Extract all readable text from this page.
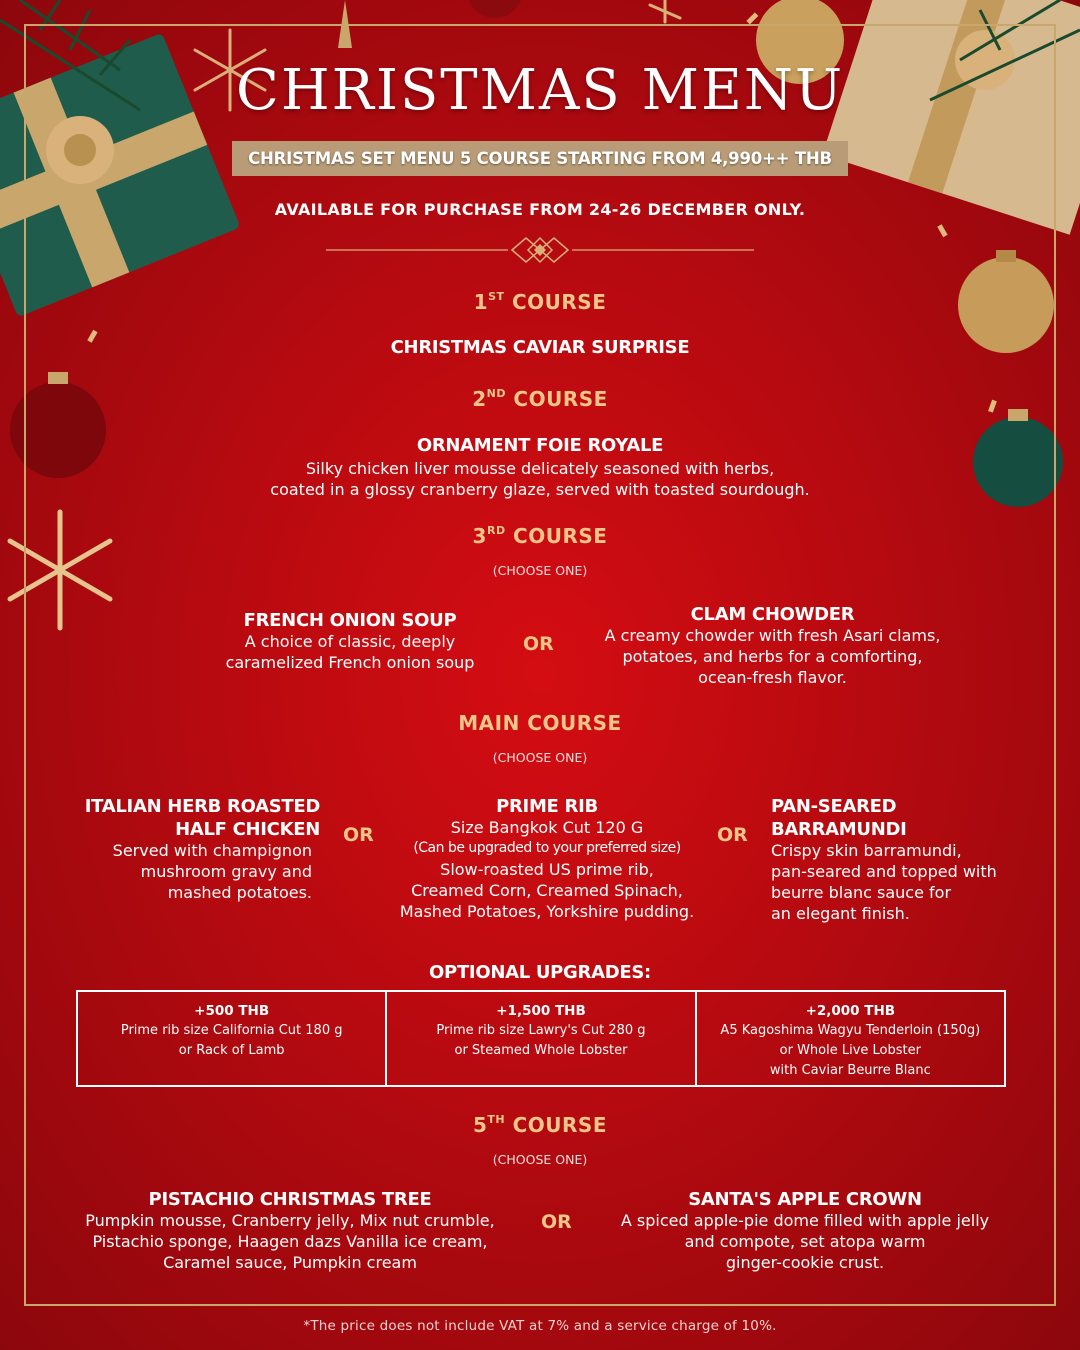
CHRISTMAS MENU
CHRISTMAS SET MENU 5 COURSE STARTING FROM 4,990++ THB
AVAILABLE FOR PURCHASE FROM 24-26 DECEMBER ONLY.
1ST COURSE
CHRISTMAS CAVIAR SURPRISE
2ND COURSE
ORNAMENT FOIE ROYALE
Silky chicken liver mousse delicately seasoned with herbs,
coated in a glossy cranberry glaze, served with toasted sourdough.
3RD COURSE
(CHOOSE ONE)
FRENCH ONION SOUP
A choice of classic, deeply
caramelized French onion soup
OR
CLAM CHOWDER
A creamy chowder with fresh Asari clams,
potatoes, and herbs for a comforting,
ocean-fresh flavor.
MAIN COURSE
(CHOOSE ONE)
ITALIAN HERB ROASTED
HALF CHICKEN
Served with champignon
mushroom gravy and
mashed potatoes.
OR
PRIME RIB
Size Bangkok Cut 120 G
(Can be upgraded to your preferred size)
Slow-roasted US prime rib,
Creamed Corn, Creamed Spinach,
Mashed Potatoes, Yorkshire pudding.
OR
PAN-SEARED
BARRAMUNDI
Crispy skin barramundi,
pan-seared and topped with
beurre blanc sauce for
an elegant finish.
OPTIONAL UPGRADES:
+500 THB
Prime rib size California Cut 180 g
or Rack of Lamb
+1,500 THB
Prime rib size Lawry's Cut 280 g
or Steamed Whole Lobster
+2,000 THB
A5 Kagoshima Wagyu Tenderloin (150g)
or Whole Live Lobster
with Caviar Beurre Blanc
5TH COURSE
(CHOOSE ONE)
PISTACHIO CHRISTMAS TREE
Pumpkin mousse, Cranberry jelly, Mix nut crumble,
Pistachio sponge, Haagen dazs Vanilla ice cream,
Caramel sauce, Pumpkin cream
OR
SANTA'S APPLE CROWN
A spiced apple-pie dome filled with apple jelly
and compote, set atopa warm
ginger-cookie crust.
*The price does not include VAT at 7% and a service charge of 10%.
